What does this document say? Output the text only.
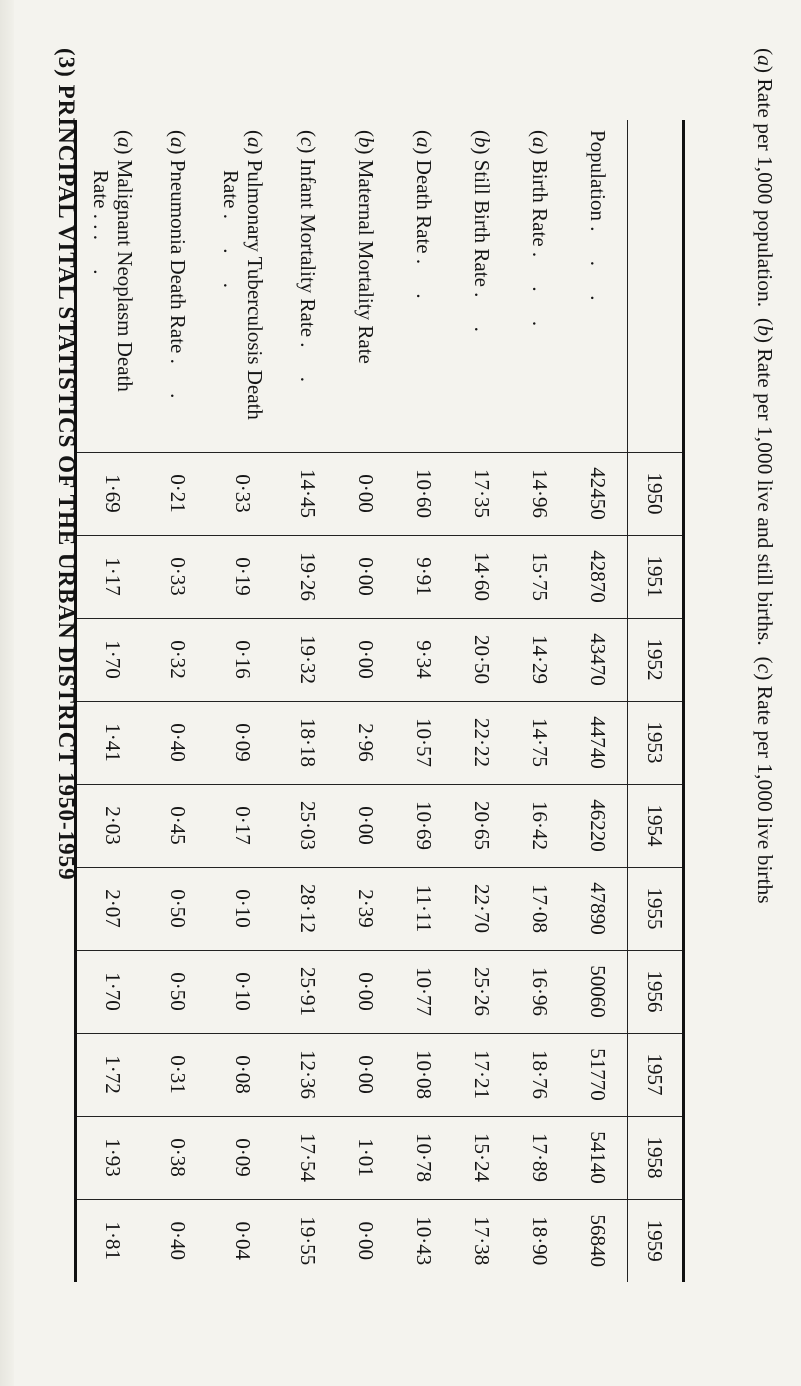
(3) PRINCIPAL VITAL STATISTICS OF THE URBAN DISTRICT 1950-1959
		1950	1951	1952	1953	1954	1955	1956	1957	1958	1959
Population . . .	42450	42870	43470	44740	46220	47890	50060	51770	54140	56840
(a) Birth Rate . . .	14·96	15·75	14·29	14·75	16·42	17·08	16·96	18·76	17·89	18·90
(b) Still Birth Rate . .	17·35	14·60	20·50	22·22	20·65	22·70	25·26	17·21	15·24	17·38
(a) Death Rate . .	10·60	9·91	9·34	10·57	10·69	11·11	10·77	10·08	10·78	10·43
(b) Maternal Mortality Rate	0·00	0·00	0·00	2·96	0·00	2·39	0·00	0·00	1·01	0·00
(c) Infant Mortality Rate . .	14·45	19·26	19·32	18·18	25·03	28·12	25·91	12·36	17·54	19·55
(a) Pulmonary Tuberculosis Death
Rate . . .	0·33	0·19	0·16	0·09	0·17	0·10	0·10	0·08	0·09	0·04
(a) Pneumonia Death Rate . .	0·21	0·33	0·32	0·40	0·45	0·50	0·50	0·31	0·38	0·40
(a) Malignant Neoplasm Death
Rate . . . .	1·69	1·17	1·70	1·41	2·03	2·07	1·70	1·72	1·93	1·81
(a) Rate per 1,000 population.  (b) Rate per 1,000 live and still births.  (c) Rate per 1,000 live births
